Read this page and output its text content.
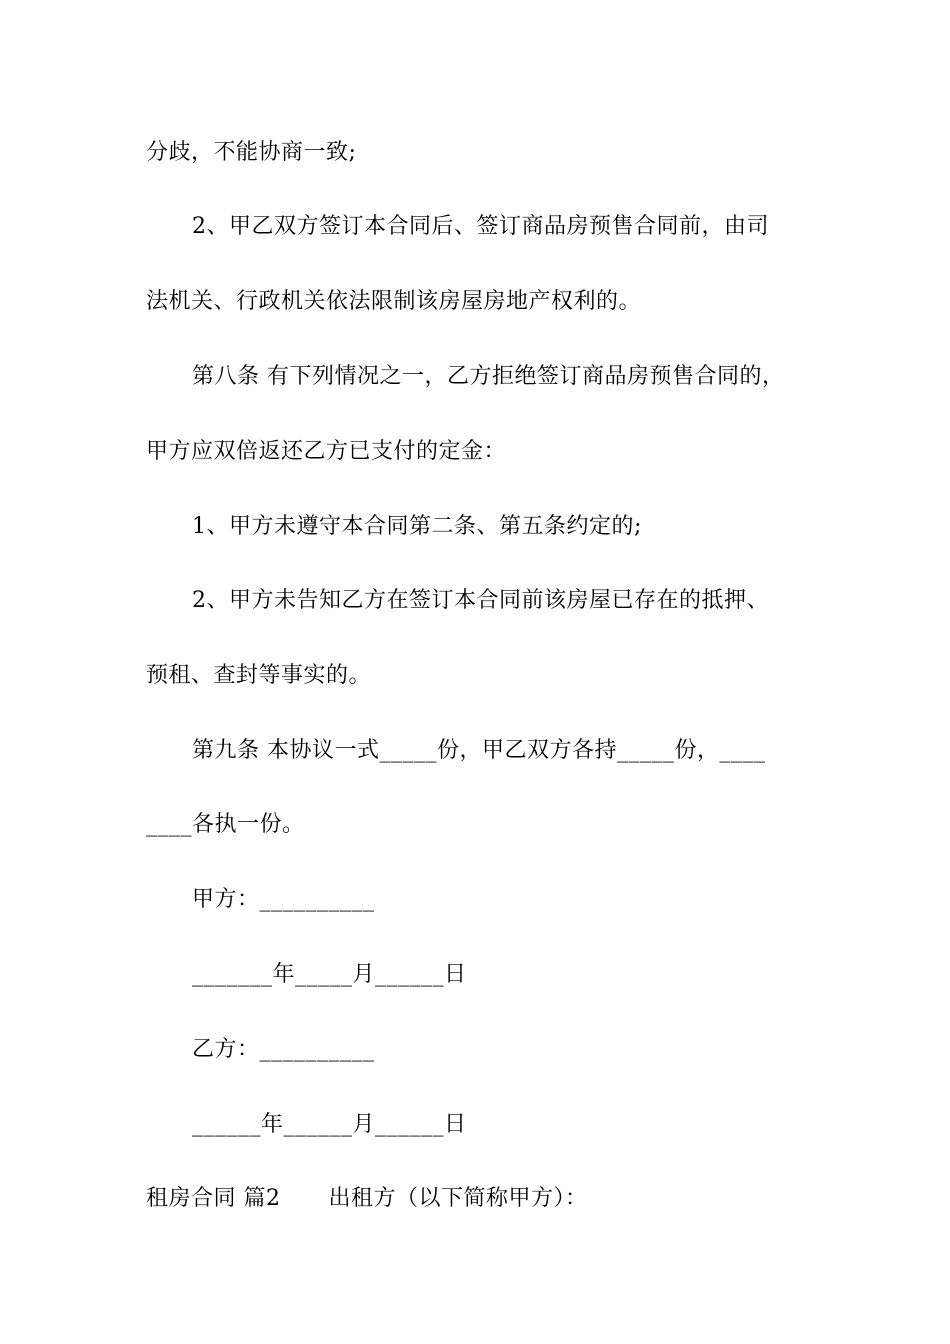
分歧，不能协商一致;
2、甲乙双方签订本合同后、签订商品房预售合同前，由司
法机关、行政机关依法限制该房屋房地产权利的。
第八条 有下列情况之一，乙方拒绝签订商品房预售合同的，
甲方应双倍返还乙方已支付的定金：
1、甲方未遵守本合同第二条、第五条约定的;
2、甲方未告知乙方在签订本合同前该房屋已存在的抵押、
预租、查封等事实的。
第九条 本协议一式_____份，甲乙双方各持_____份，____
____各执一份。
甲方：__________
_______年_____月______日
乙方：__________
______年______月______日
租房合同 篇2 出租方（以下简称甲方）：
